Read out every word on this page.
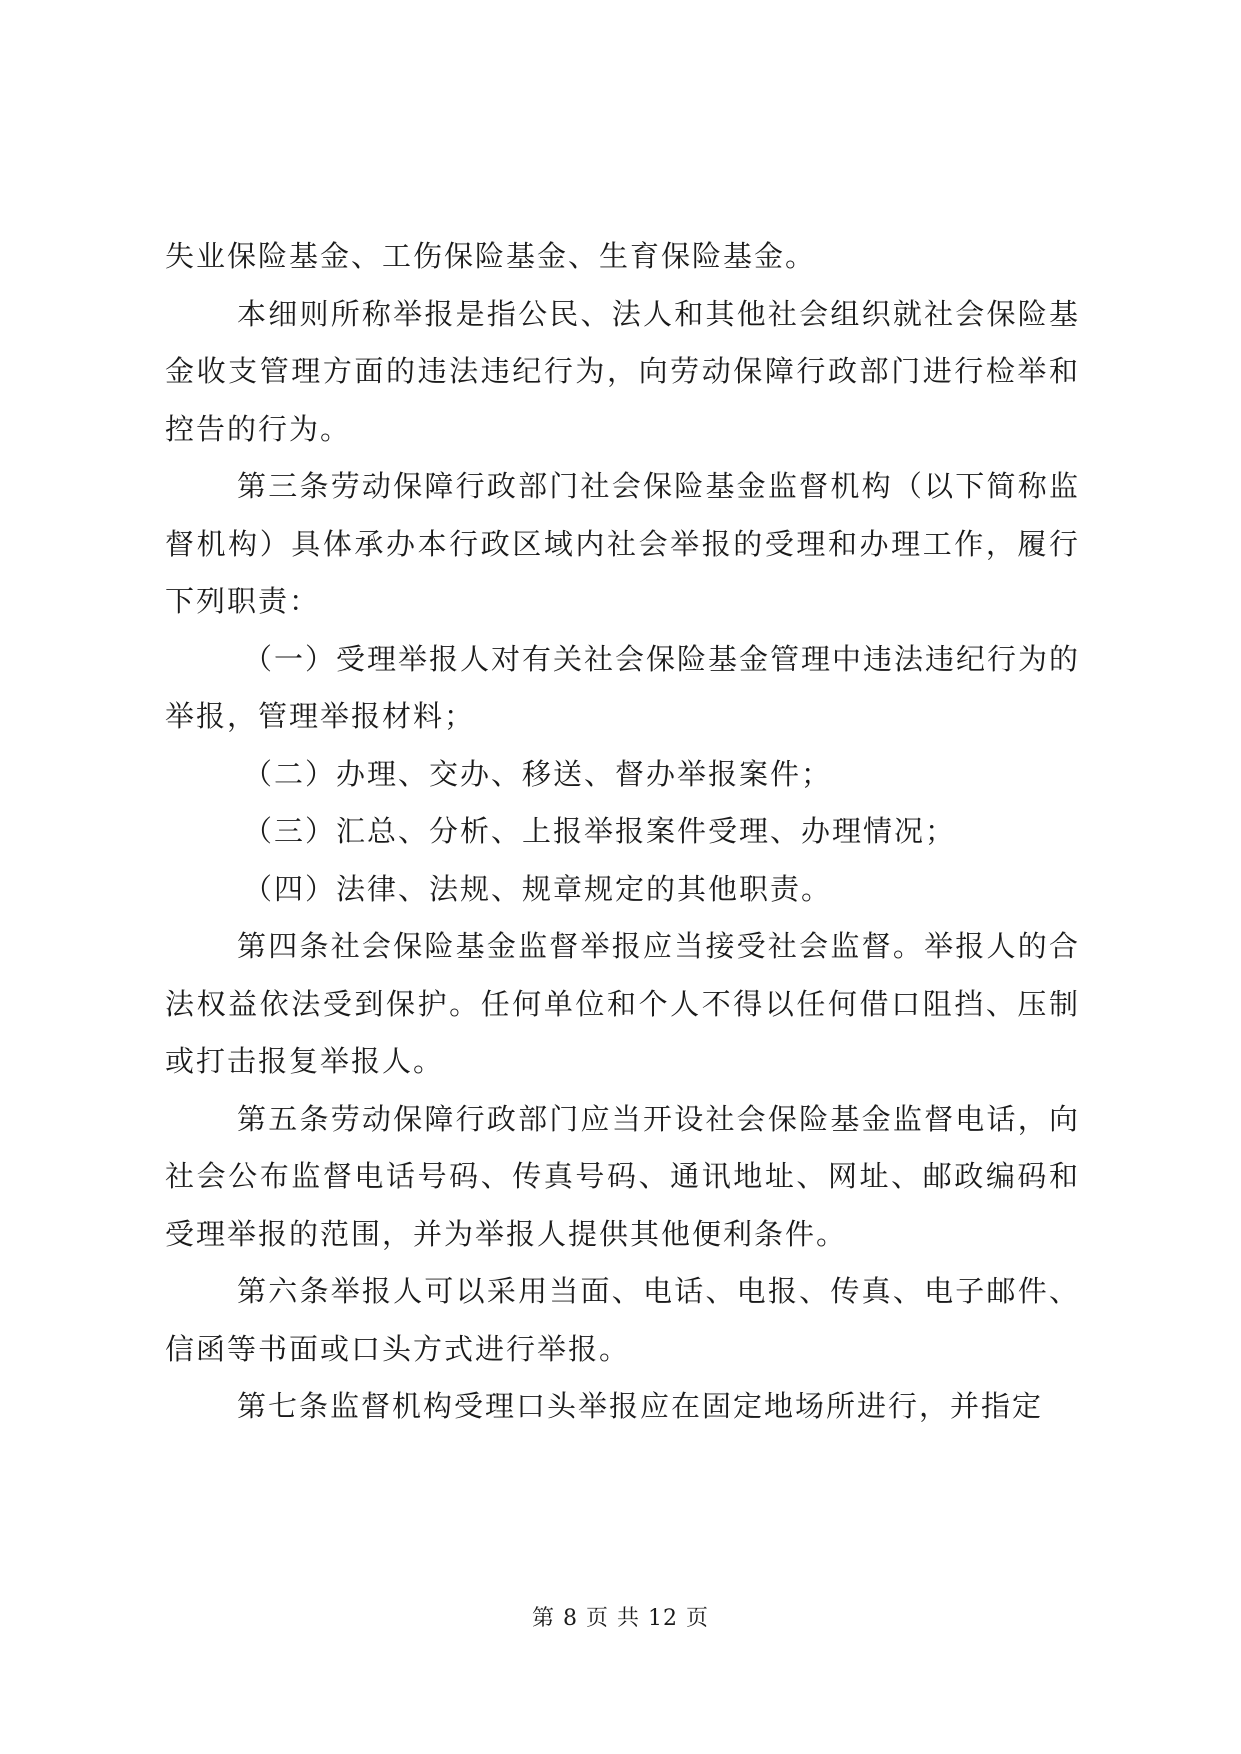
失业保险基金、工伤保险基金、生育保险基金。

本细则所称举报是指公民、法人和其他社会组织就社会保险基金收支管理方面的违法违纪行为，向劳动保障行政部门进行检举和控告的行为。

第三条劳动保障行政部门社会保险基金监督机构（以下简称监督机构）具体承办本行政区域内社会举报的受理和办理工作，履行下列职责：

（一）受理举报人对有关社会保险基金管理中违法违纪行为的举报，管理举报材料；

（二）办理、交办、移送、督办举报案件；

（三）汇总、分析、上报举报案件受理、办理情况；

（四）法律、法规、规章规定的其他职责。

第四条社会保险基金监督举报应当接受社会监督。举报人的合法权益依法受到保护。任何单位和个人不得以任何借口阻挡、压制或打击报复举报人。

第五条劳动保障行政部门应当开设社会保险基金监督电话，向社会公布监督电话号码、传真号码、通讯地址、网址、邮政编码和受理举报的范围，并为举报人提供其他便利条件。

第六条举报人可以采用当面、电话、电报、传真、电子邮件、信函等书面或口头方式进行举报。

第七条监督机构受理口头举报应在固定地场所进行，并指定

第 8 页 共 12 页
